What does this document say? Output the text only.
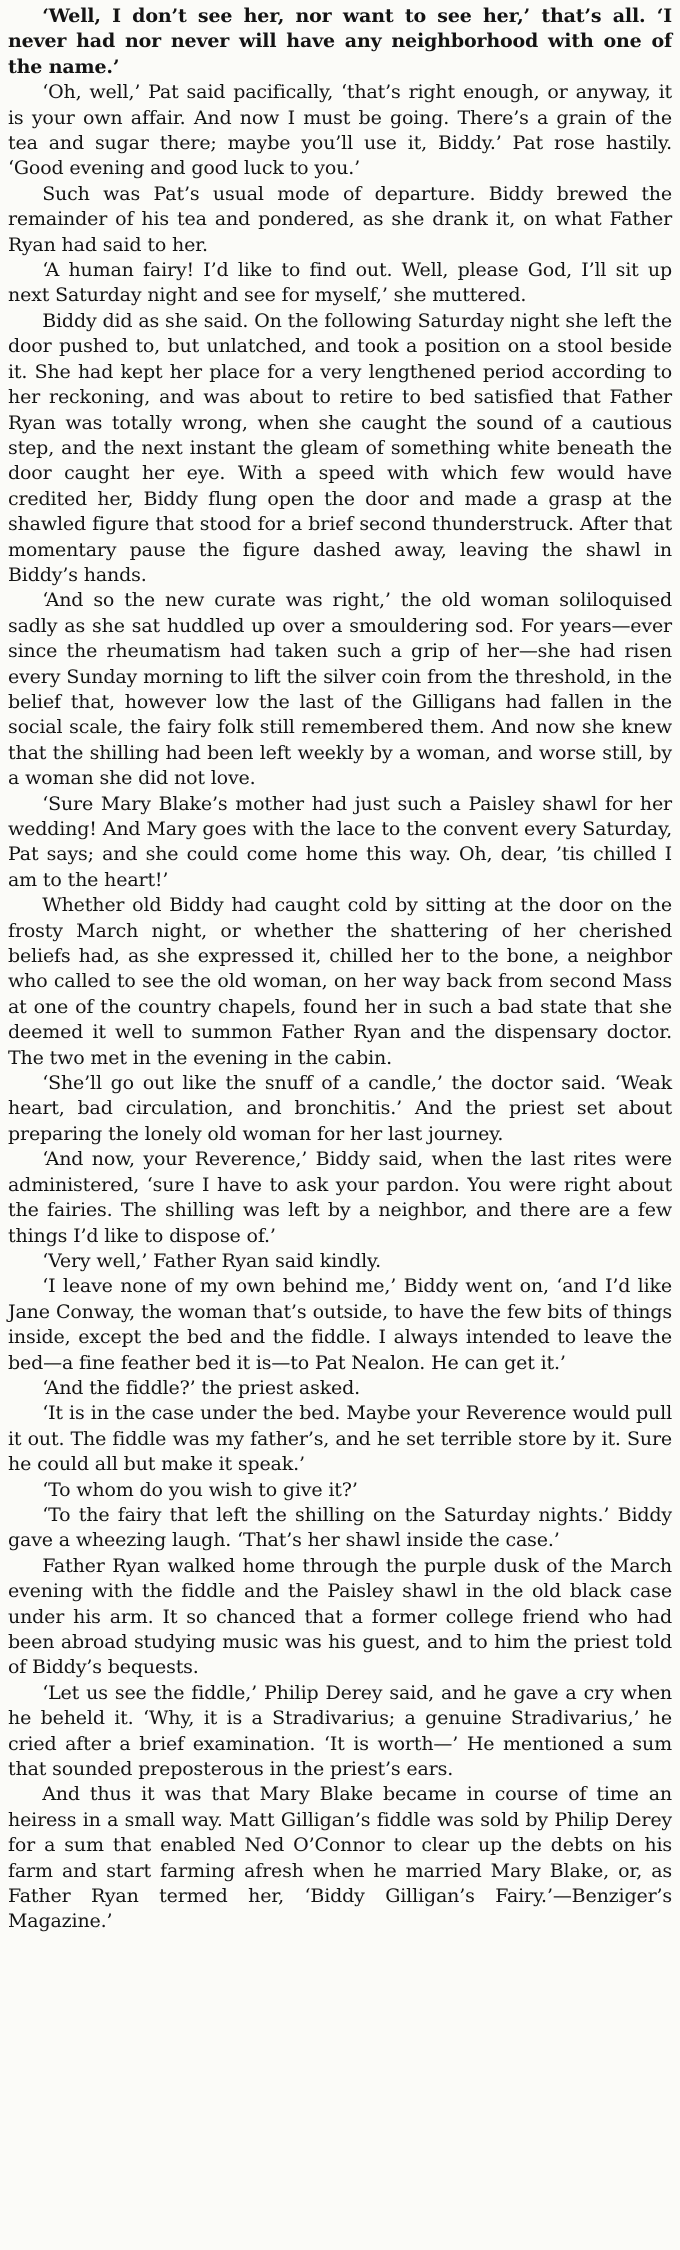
‘Well, I don’t see her, nor want to see her,’ that’s all. ‘I never had nor never will have any neighborhood with one of the name.’

‘Oh, well,’ Pat said pacifically, ‘that’s right enough, or anyway, it is your own affair. And now I must be going. There’s a grain of the tea and sugar there; maybe you’ll use it, Biddy.’ Pat rose hastily. ‘Good evening and good luck to you.’

Such was Pat’s usual mode of departure. Biddy brewed the remainder of his tea and pondered, as she drank it, on what Father Ryan had said to her.

‘A human fairy! I’d like to find out. Well, please God, I’ll sit up next Saturday night and see for myself,’ she muttered.

Biddy did as she said. On the following Saturday night she left the door pushed to, but unlatched, and took a position on a stool beside it. She had kept her place for a very lengthened period according to her reckoning, and was about to retire to bed satisfied that Father Ryan was totally wrong, when she caught the sound of a cautious step, and the next instant the gleam of something white beneath the door caught her eye. With a speed with which few would have credited her, Biddy flung open the door and made a grasp at the shawled figure that stood for a brief second thunderstruck. After that momentary pause the figure dashed away, leaving the shawl in Biddy’s hands.

‘And so the new curate was right,’ the old woman soliloquised sadly as she sat huddled up over a smouldering sod. For years—ever since the rheumatism had taken such a grip of her—she had risen every Sunday morning to lift the silver coin from the threshold, in the belief that, however low the last of the Gilligans had fallen in the social scale, the fairy folk still remembered them. And now she knew that the shilling had been left weekly by a woman, and worse still, by a woman she did not love.

‘Sure Mary Blake’s mother had just such a Paisley shawl for her wedding! And Mary goes with the lace to the convent every Saturday, Pat says; and she could come home this way. Oh, dear, ’tis chilled I am to the heart!’

Whether old Biddy had caught cold by sitting at the door on the frosty March night, or whether the shattering of her cherished beliefs had, as she expressed it, chilled her to the bone, a neighbor who called to see the old woman, on her way back from second Mass at one of the country chapels, found her in such a bad state that she deemed it well to summon Father Ryan and the dispensary doctor. The two met in the evening in the cabin.

‘She’ll go out like the snuff of a candle,’ the doctor said. ‘Weak heart, bad circulation, and bronchitis.’ And the priest set about preparing the lonely old woman for her last journey.

‘And now, your Reverence,’ Biddy said, when the last rites were administered, ‘sure I have to ask your pardon. You were right about the fairies. The shilling was left by a neighbor, and there are a few things I’d like to dispose of.’

‘Very well,’ Father Ryan said kindly.

‘I leave none of my own behind me,’ Biddy went on, ‘and I’d like Jane Conway, the woman that’s outside, to have the few bits of things inside, except the bed and the fiddle. I always intended to leave the bed—a fine feather bed it is—to Pat Nealon. He can get it.’

‘And the fiddle?’ the priest asked.

‘It is in the case under the bed. Maybe your Reverence would pull it out. The fiddle was my father’s, and he set terrible store by it. Sure he could all but make it speak.’

‘To whom do you wish to give it?’

‘To the fairy that left the shilling on the Saturday nights.’ Biddy gave a wheezing laugh. ‘That’s her shawl inside the case.’

Father Ryan walked home through the purple dusk of the March evening with the fiddle and the Paisley shawl in the old black case under his arm. It so chanced that a former college friend who had been abroad studying music was his guest, and to him the priest told of Biddy’s bequests.

‘Let us see the fiddle,’ Philip Derey said, and he gave a cry when he beheld it. ‘Why, it is a Stradivarius; a genuine Stradivarius,’ he cried after a brief examination. ‘It is worth—’ He mentioned a sum that sounded preposterous in the priest’s ears.

And thus it was that Mary Blake became in course of time an heiress in a small way. Matt Gilligan’s fiddle was sold by Philip Derey for a sum that enabled Ned O’Connor to clear up the debts on his farm and start farming afresh when he married Mary Blake, or, as Father Ryan termed her, ‘Biddy Gilligan’s Fairy.’—Benziger’s Magazine.’
